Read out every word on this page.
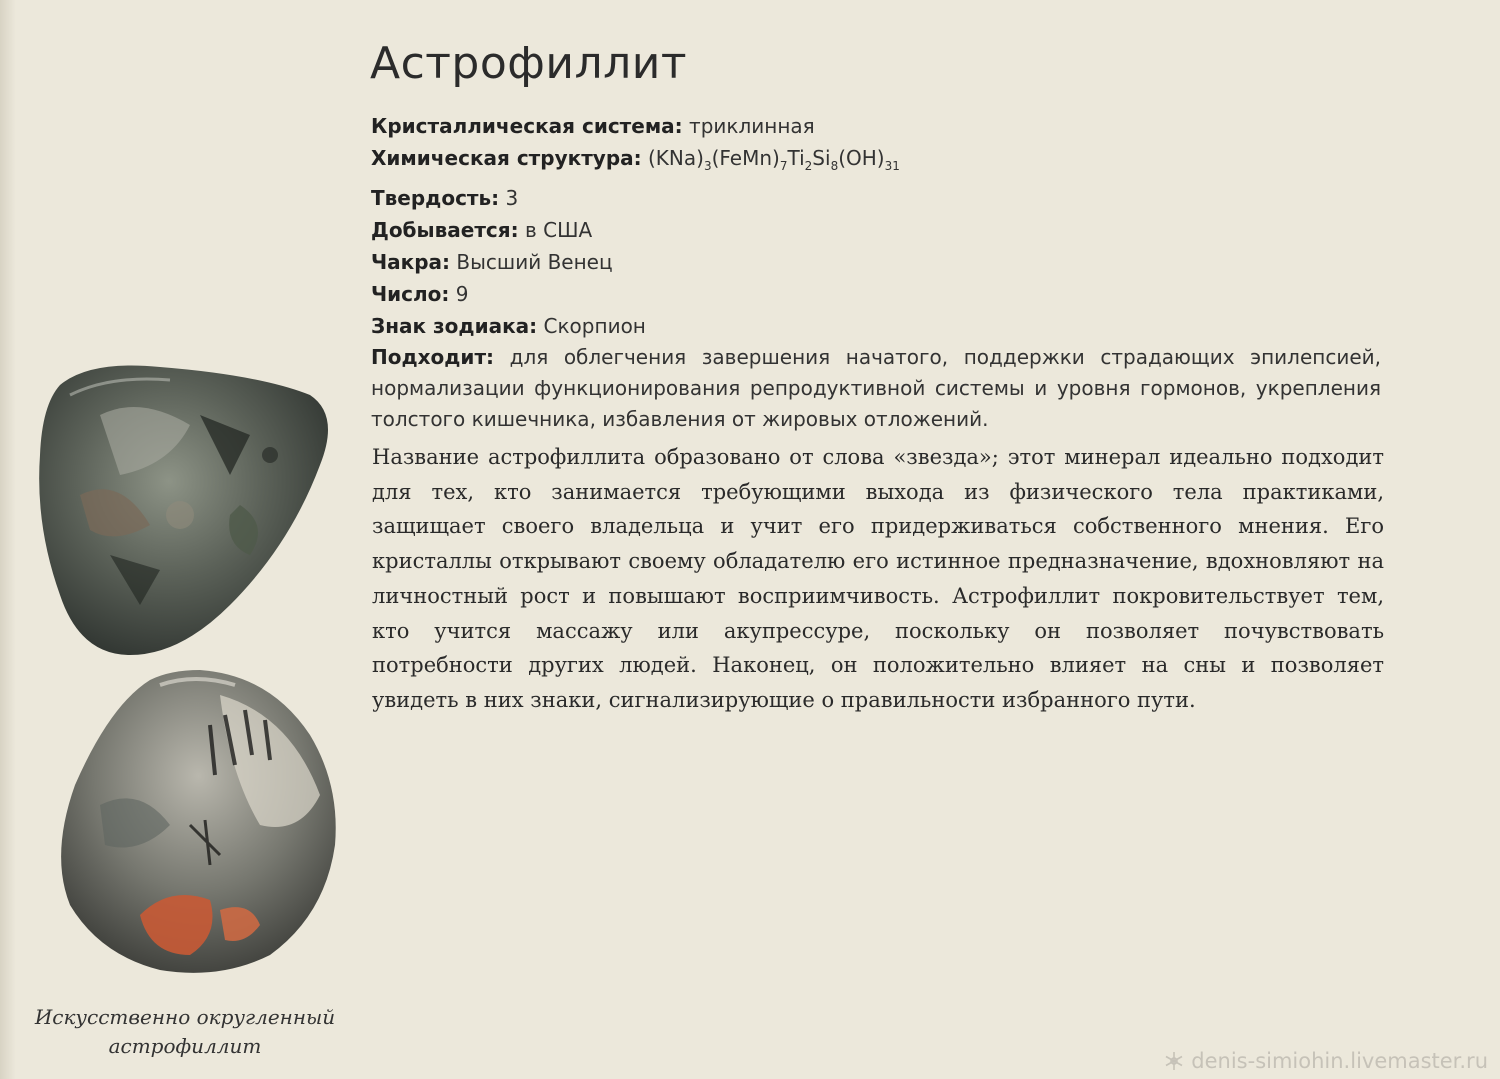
Астрофиллит
Кристаллическая система: триклинная
Химическая структура: $(KNa)_3(FeMn)_7Ti_2Si_8(OH)_{31}$
Твердость: 3
Добывается: в США
Чакра: Высший Венец
Число: 9
Знак зодиака: Скорпион
Подходит: для облегчения завершения начатого, поддержки страдающих эпилепсией, нормализации функционирования репродуктивной системы и уровня гормонов, укрепления толстого кишечника, избавления от жировых отложений.

Название астрофиллита образовано от слова «звезда»; этот минерал идеально подходит для тех, кто занимается требующими выхода из физического тела практиками, защищает своего владельца и учит его придерживаться собственного мнения. Его кристаллы открывают своему обладателю его истинное предназначение, вдохновляют на личностный рост и повышают восприимчивость. Астрофиллит покровительствует тем, кто учится массажу или акупрессуре, поскольку он позволяет почувствовать потребности других людей. Наконец, он положительно влияет на сны и позволяет увидеть в них знаки, сигнализирующие о правильности избранного пути.

Искусственно округленный
астрофиллит
denis-simiohin.livemaster.ru
